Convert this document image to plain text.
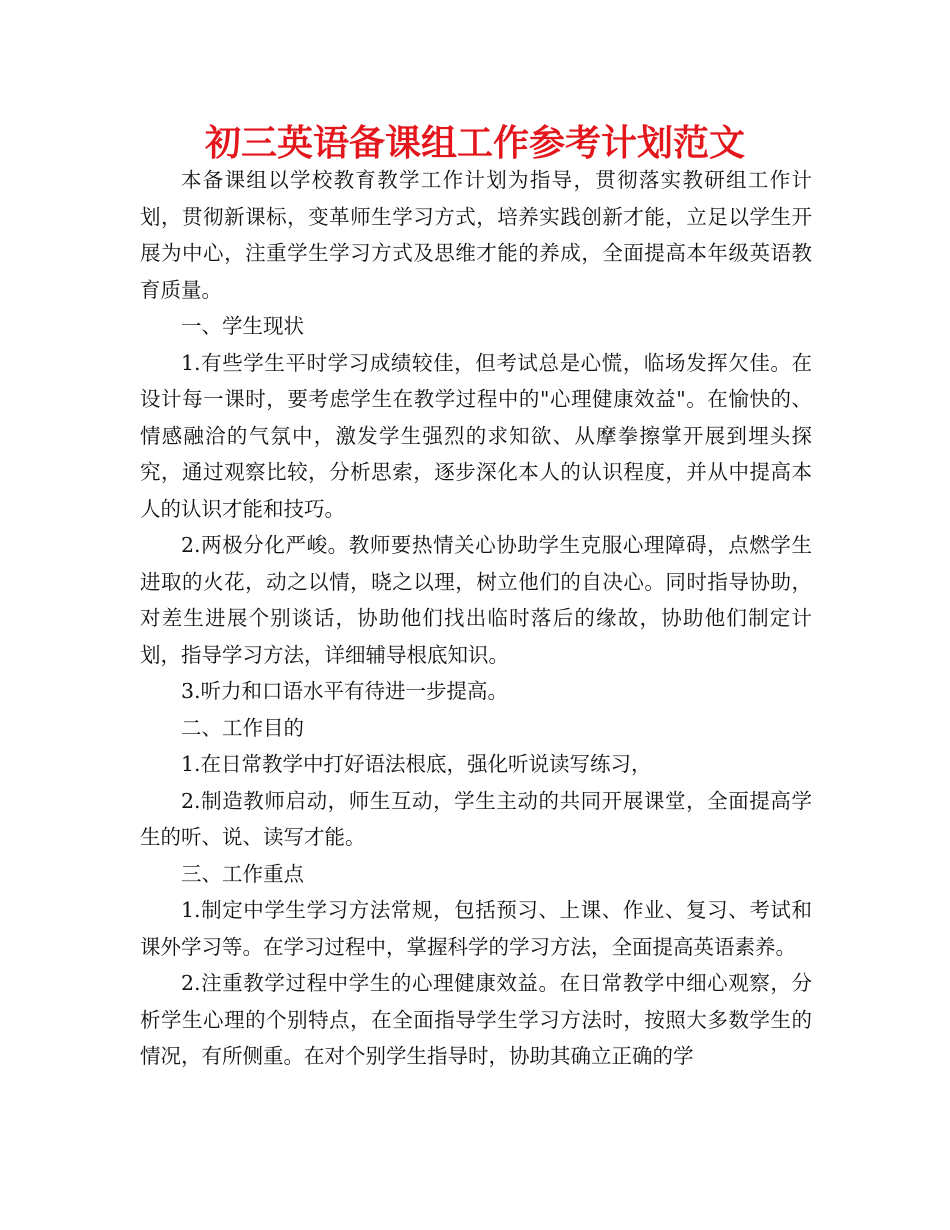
初三英语备课组工作参考计划范文

本备课组以学校教育教学工作计划为指导，贯彻落实教研组工作计划，贯彻新课标，变革师生学习方式，培养实践创新才能，立足以学生开展为中心，注重学生学习方式及思维才能的养成，全面提高本年级英语教育质量。

一、学生现状

1.有些学生平时学习成绩较佳，但考试总是心慌，临场发挥欠佳。在设计每一课时，要考虑学生在教学过程中的"心理健康效益"。在愉快的、情感融洽的气氛中，激发学生强烈的求知欲、从摩拳擦掌开展到埋头探究，通过观察比较，分析思索，逐步深化本人的认识程度，并从中提高本人的认识才能和技巧。

2.两极分化严峻。教师要热情关心协助学生克服心理障碍，点燃学生进取的火花，动之以情，晓之以理，树立他们的自决心。同时指导协助，对差生进展个别谈话，协助他们找出临时落后的缘故，协助他们制定计划，指导学习方法，详细辅导根底知识。

3.听力和口语水平有待进一步提高。

二、工作目的

1.在日常教学中打好语法根底，强化听说读写练习，

2.制造教师启动，师生互动，学生主动的共同开展课堂，全面提高学生的听、说、读写才能。

三、工作重点

1.制定中学生学习方法常规，包括预习、上课、作业、复习、考试和课外学习等。在学习过程中，掌握科学的学习方法，全面提高英语素养。

2.注重教学过程中学生的心理健康效益。在日常教学中细心观察，分析学生心理的个别特点，在全面指导学生学习方法时，按照大多数学生的情况，有所侧重。在对个别学生指导时，协助其确立正确的学
